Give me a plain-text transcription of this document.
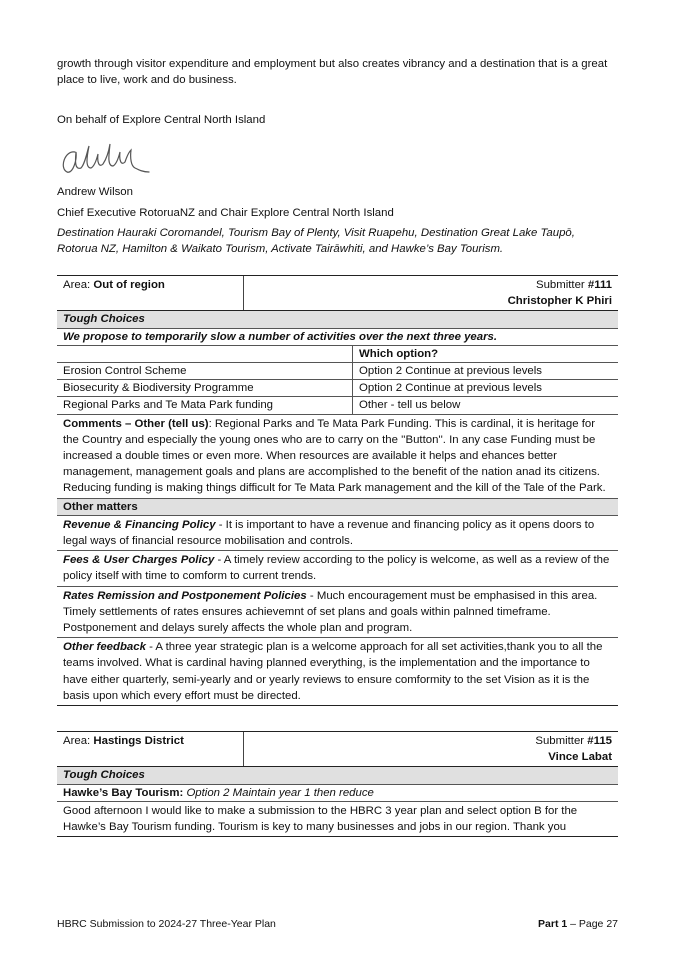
growth through visitor expenditure and employment but also creates vibrancy and a destination that is a great place to live, work and do business.
On behalf of Explore Central North Island
Andrew Wilson
Chief Executive RotoruaNZ and Chair Explore Central North Island
Destination Hauraki Coromandel, Tourism Bay of Plenty, Visit Ruapehu, Destination Great Lake Taupō, Rotorua NZ, Hamilton & Waikato Tourism, Activate Tairāwhiti, and Hawke’s Bay Tourism.
Area: Out of region	Submitter #111
Christopher K Phiri
Tough Choices
We propose to temporarily slow a number of activities over the next three years.
Which option?
Erosion Control Scheme	Option 2 Continue at previous levels
Biosecurity & Biodiversity Programme	Option 2 Continue at previous levels
Regional Parks and Te Mata Park funding	Other - tell us below
Comments – Other (tell us): Regional Parks and Te Mata Park Funding. This is cardinal, it is heritage for the Country and especially the young ones who are to carry on the ''Button''. In any case Funding must be increased a double times or even more. When resources are available it helps and ehances better management, management goals and plans are accomplished to the benefit of the nation anad its citizens. Reducing funding is making things difficult for Te Mata Park management and the kill of the Tale of the Park.
Other matters
Revenue & Financing Policy - It is important to have a revenue and financing policy as it opens doors to legal ways of financial resource mobilisation and controls.
Fees & User Charges Policy - A timely review according to the policy is welcome, as well as a review of the policy itself with time to comform to current trends.
Rates Remission and Postponement Policies - Much encouragement must be emphasised in this area. Timely settlements of rates ensures achievemnt of set plans and goals within palnned timeframe. Postponement and delays surely affects the whole plan and program.
Other feedback - A three year strategic plan is a welcome approach for all set activities,thank you to all the teams involved. What is cardinal having planned everything, is the implementation and the importance to have either quarterly, semi-yearly and or yearly reviews to ensure comformity to the set Vision as it is the basis upon which every effort must be directed.
Area: Hastings District	Submitter #115
Vince Labat
Tough Choices
Hawke’s Bay Tourism: Option 2 Maintain year 1 then reduce
Good afternoon I would like to make a submission to the HBRC 3 year plan and select option B for the Hawke’s Bay Tourism funding. Tourism is key to many businesses and jobs in our region. Thank you
HBRC Submission to 2024-27 Three-Year Plan	Part 1 – Page 27
